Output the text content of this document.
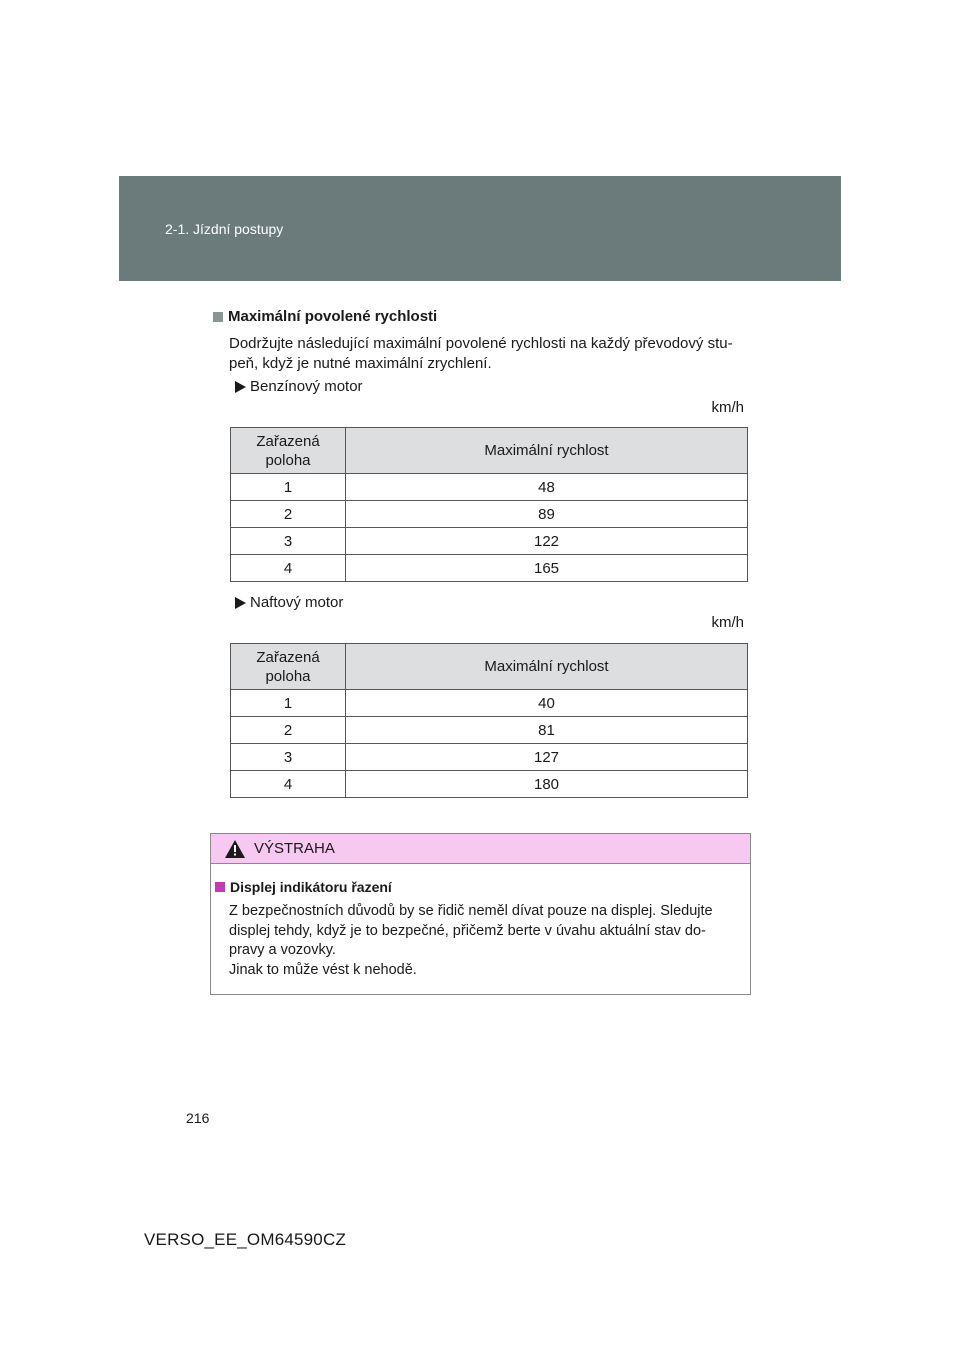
2-1. Jízdní postupy
Maximální povolené rychlosti
Dodržujte následující maximální povolené rychlosti na každý převodový stu-
peň, když je nutné maximální zrychlení.
Benzínový motor
km/h
Zařazená poloha	Maximální rychlost
1	48
2	89
3	122
4	165
Naftový motor
km/h
Zařazená poloha	Maximální rychlost
1	40
2	81
3	127
4	180
VÝSTRAHA
Displej indikátoru řazení
Z bezpečnostních důvodů by se řidič neměl dívat pouze na displej. Sledujte
displej tehdy, když je to bezpečné, přičemž berte v úvahu aktuální stav do-
pravy a vozovky.
Jinak to může vést k nehodě.
216
VERSO_EE_OM64590CZ
